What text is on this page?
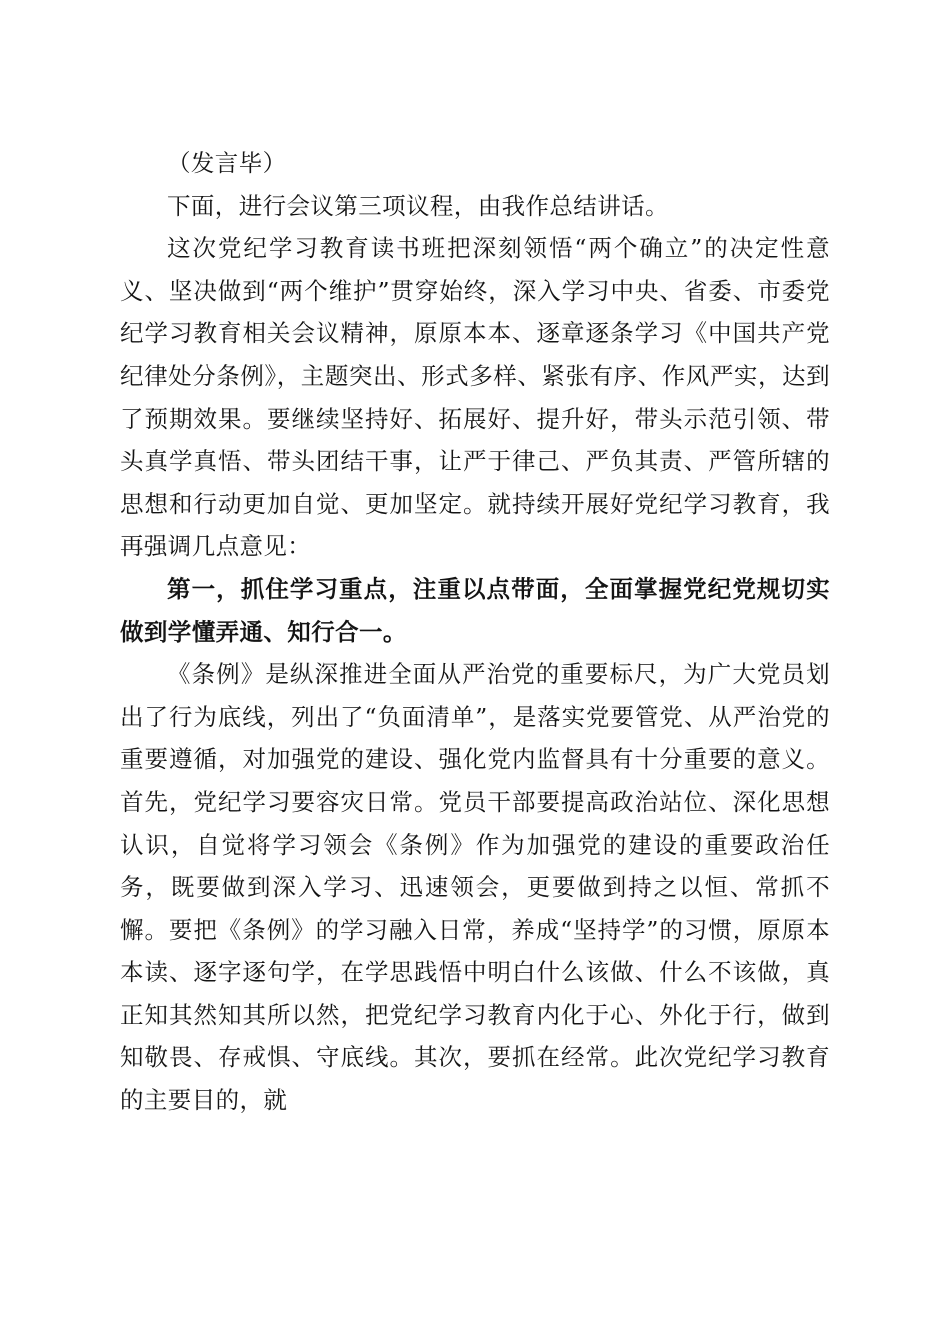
（发言毕）

下面，进行会议第三项议程，由我作总结讲话。

这次党纪学习教育读书班把深刻领悟“两个确立”的决定性意义、坚决做到“两个维护”贯穿始终，深入学习中央、省委、市委党纪学习教育相关会议精神，原原本本、逐章逐条学习《中国共产党纪律处分条例》，主题突出、形式多样、紧张有序、作风严实，达到了预期效果。要继续坚持好、拓展好、提升好，带头示范引领、带头真学真悟、带头团结干事，让严于律己、严负其责、严管所辖的思想和行动更加自觉、更加坚定。就持续开展好党纪学习教育，我再强调几点意见：

第一，抓住学习重点，注重以点带面，全面掌握党纪党规切实做到学懂弄通、知行合一。

《条例》是纵深推进全面从严治党的重要标尺，为广大党员划出了行为底线，列出了“负面清单”，是落实党要管党、从严治党的重要遵循，对加强党的建设、强化党内监督具有十分重要的意义。首先，党纪学习要容灾日常。党员干部要提高政治站位、深化思想认识，自觉将学习领会《条例》作为加强党的建设的重要政治任务，既要做到深入学习、迅速领会，更要做到持之以恒、常抓不懈。要把《条例》的学习融入日常，养成“坚持学”的习惯，原原本本读、逐字逐句学，在学思践悟中明白什么该做、什么不该做，真正知其然知其所以然，把党纪学习教育内化于心、外化于行，做到知敬畏、存戒惧、守底线。其次，要抓在经常。此次党纪学习教育的主要目的，就
